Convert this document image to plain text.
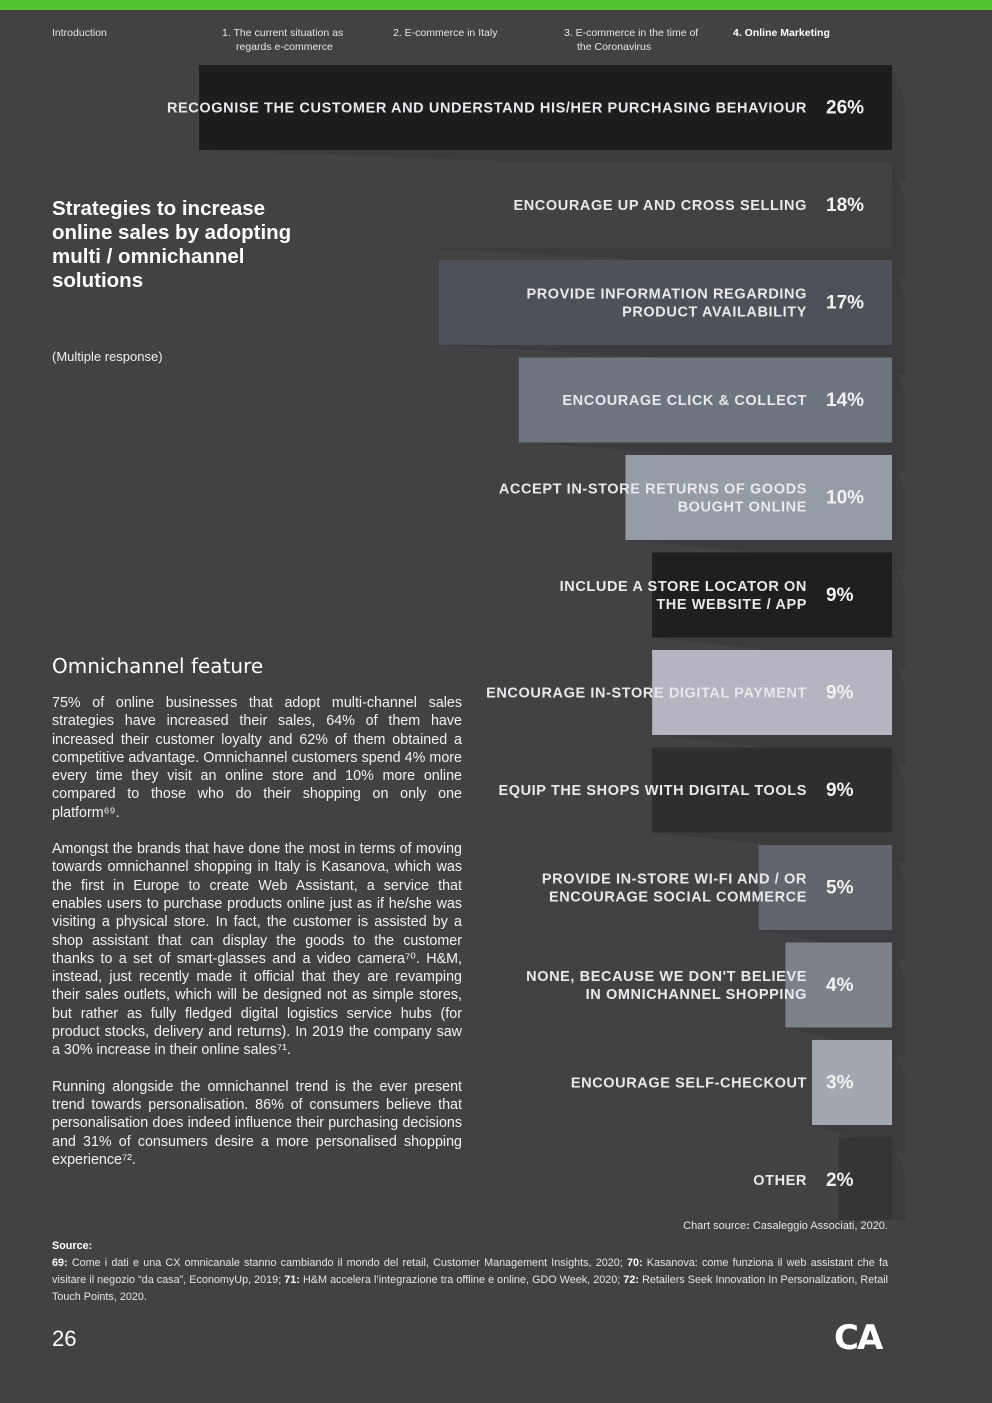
Introduction	1. The current situation as
regards e-commerce
2. E-commerce in Italy	3. E-commerce in the time of
the Coronavirus
4. Online Marketing
Strategies to increase online sales by adopting multi / omnichannel solutions
(Multiple response)
RECOGNISE THE CUSTOMER AND UNDERSTAND HIS/HER PURCHASING BEHAVIOUR 26%
ENCOURAGE UP AND CROSS SELLING 18%
PROVIDE INFORMATION REGARDING
PRODUCT AVAILABILITY 17%
ENCOURAGE CLICK & COLLECT 14%
ACCEPT IN-STORE RETURNS OF GOODS
BOUGHT ONLINE 10%
INCLUDE A STORE LOCATOR ON
THE WEBSITE / APP 9%
ENCOURAGE IN-STORE DIGITAL PAYMENT 9%
EQUIP THE SHOPS WITH DIGITAL TOOLS 9%
PROVIDE IN-STORE WI-FI AND / OR
ENCOURAGE SOCIAL COMMERCE 5%
NONE, BECAUSE WE DON'T BELIEVE
IN OMNICHANNEL SHOPPING 4%
ENCOURAGE SELF-CHECKOUT 3%
OTHER 2%
Omnichannel feature

75% of online businesses that adopt multi-channel sales strategies have increased their sales, 64% of them have increased their customer loyalty and 62% of them obtained a competitive advantage. Omnichannel customers spend 4% more every time they visit an online store and 10% more online compared to those who do their shopping on only one platform⁶⁹.

Amongst the brands that have done the most in terms of moving towards omnichannel shopping in Italy is Kasanova, which was the first in Europe to create Web Assistant, a service that enables users to purchase products online just as if he/she was visiting a physical store. In fact, the customer is assisted by a shop assistant that can display the goods to the customer thanks to a set of smart-glasses and a video camera⁷⁰. H&M, instead, just recently made it official that they are revamping their sales outlets, which will be designed not as simple stores, but rather as fully fledged digital logistics service hubs (for product stocks, delivery and returns). In 2019 the company saw a 30% increase in their online sales⁷¹.

Running alongside the omnichannel trend is the ever present trend towards personalisation. 86% of consumers believe that personalisation does indeed influence their purchasing decisions and 31% of consumers desire a more personalised shopping experience⁷².

Chart source: Casaleggio Associati, 2020.
Source:
69: Come i dati e una CX omnicanale stanno cambiando il mondo del retail, Customer Management Insights, 2020; 70: Kasanova: come funziona il web assistant che fa visitare il negozio “da casa”, EconomyUp, 2019; 71: H&M accelera l’integrazione tra offline e online, GDO Week, 2020; 72: Retailers Seek Innovation In Personalization, Retail Touch Points, 2020.
26	CA
